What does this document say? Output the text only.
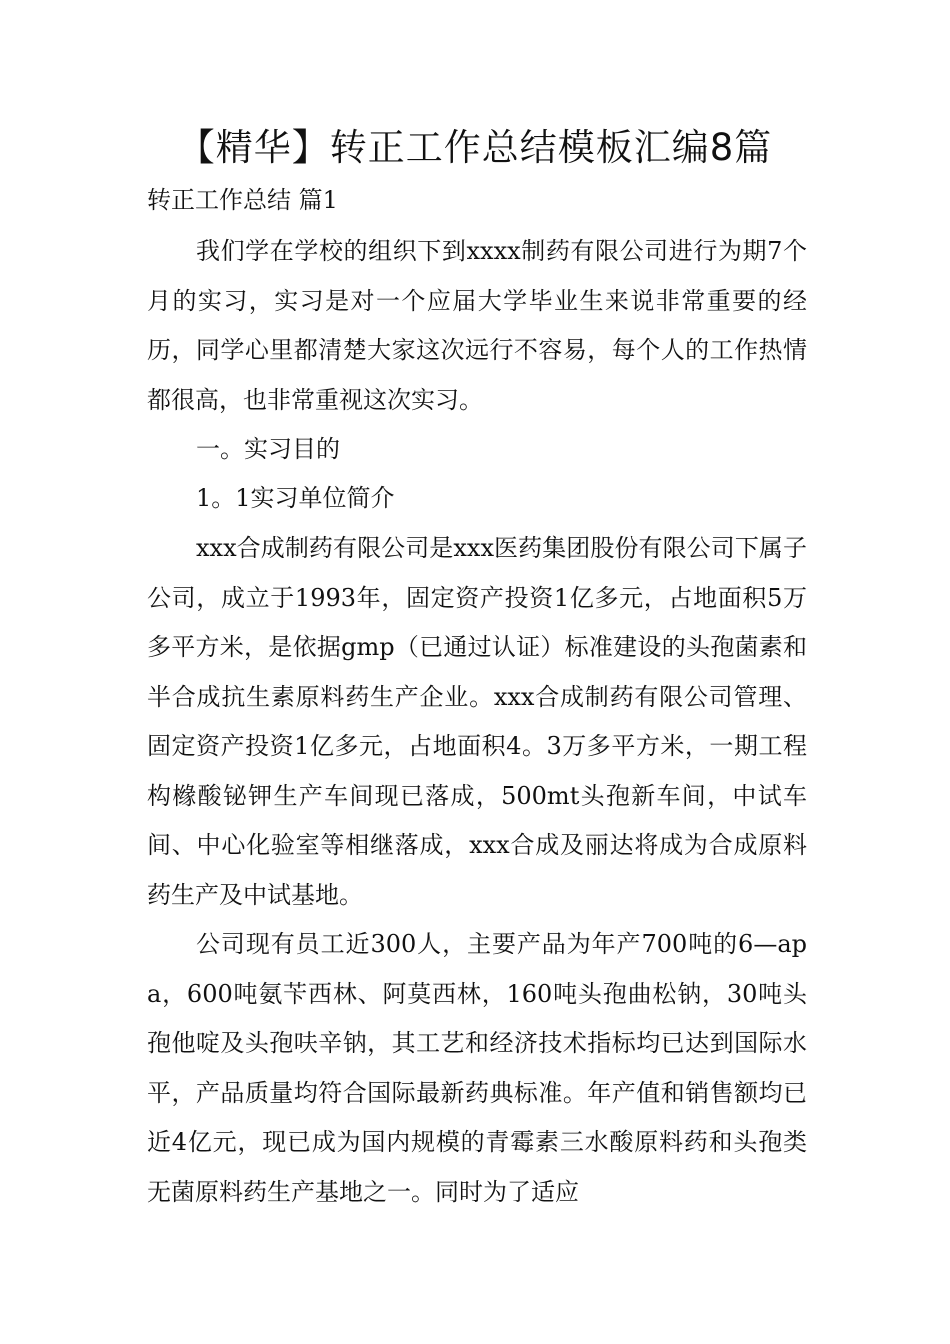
【精华】转正工作总结模板汇编8篇
转正工作总结 篇1

我们学在学校的组织下到xxxx制药有限公司进行为期7个月的实习，实习是对一个应届大学毕业生来说非常重要的经历，同学心里都清楚大家这次远行不容易，每个人的工作热情都很高，也非常重视这次实习。

一。实习目的

1。1实习单位简介

xxx合成制药有限公司是xxx医药集团股份有限公司下属子公司，成立于1993年，固定资产投资1亿多元，占地面积5万多平方米，是依据gmp（已通过认证）标准建设的头孢菌素和半合成抗生素原料药生产企业。xxx合成制药有限公司管理、固定资产投资1亿多元，占地面积4。3万多平方米，一期工程构橼酸铋钾生产车间现已落成，500mt头孢新车间，中试车间、中心化验室等相继落成，xxx合成及丽达将成为合成原料药生产及中试基地。

公司现有员工近300人，主要产品为年产700吨的6—apa，600吨氨苄西林、阿莫西林，160吨头孢曲松钠，30吨头孢他啶及头孢呋辛钠，其工艺和经济技术指标均已达到国际水平，产品质量均符合国际最新药典标准。年产值和销售额均已近4亿元，现已成为国内规模的青霉素三水酸原料药和头孢类无菌原料药生产基地之一。同时为了适应
